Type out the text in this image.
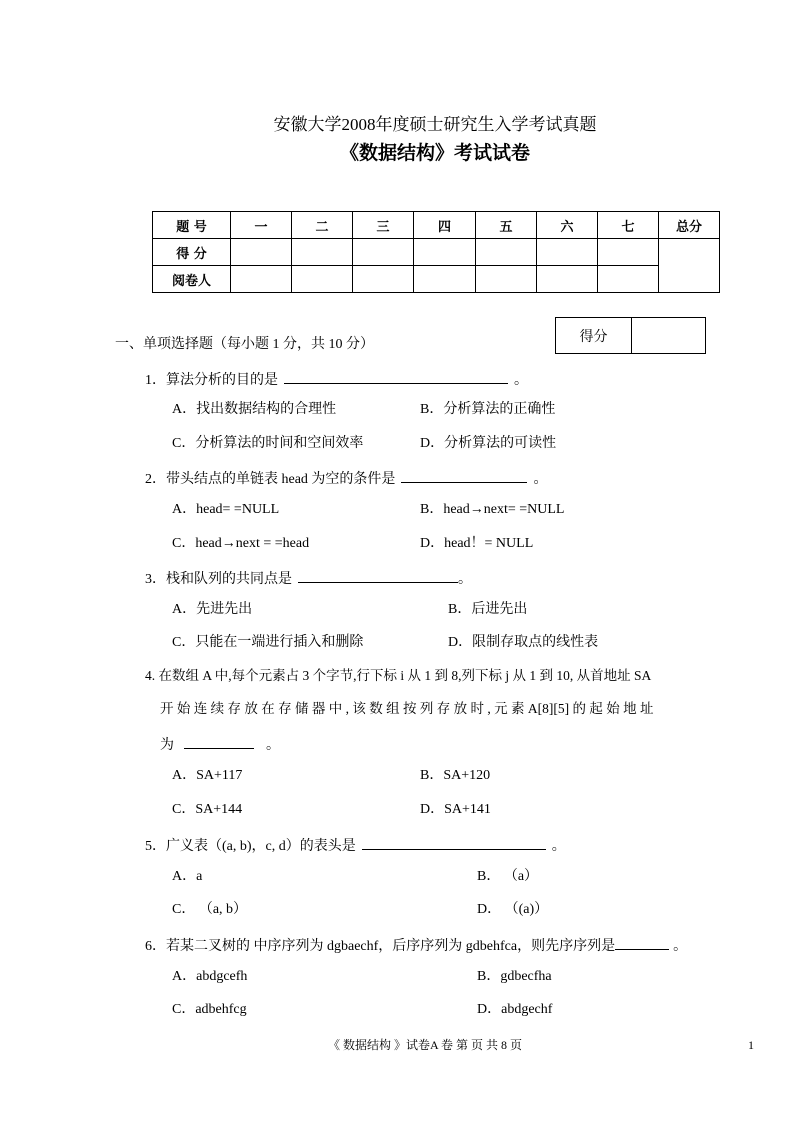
安徽大学2008年度硕士研究生入学考试真题
《数据结构》考试试卷
题 号	一	二	三	四	五	六	七	总分
得 分								
阅卷人								
得分	
一、单项选择题（每小题 1 分，共 10 分）
1．算法分析的目的是	。
A．找出数据结构的合理性	B．分析算法的正确性
C．分析算法的时间和空间效率	D．分析算法的可读性
2．带头结点的单链表 head 为空的条件是	。
A．head= =NULL	B．head→next= =NULL
C．head→next = =head	D．head！= NULL
3．栈和队列的共同点是	。
A．先进先出	B．后进先出
C．只能在一端进行插入和删除	D．限制存取点的线性表
4. 在数组 A 中,每个元素占 3 个字节,行下标 i 从 1 到 8,列下标 j 从 1 到 10, 从首地址 SA
开 始 连 续 存 放 在 存 储 器 中 , 该 数 组 按 列 存 放 时 , 元 素 A[8][5] 的 起 始 地 址
为	。
A．SA+117	B．SA+120
C．SA+144	D．SA+141
5．广义表（(a, b)，c, d）的表头是	。
A．a	B． （a）
C． （a, b）	D． （(a)）
6．若某二叉树的 中序序列为 dgbaechf，后序序列为 gdbehfca，则先序序列是	。
A．abdgcefh	B．gdbecfha
C．adbehfcg	D．abdgechf
《 数据结构 》试卷A 卷 第 页 共 8 页	1
